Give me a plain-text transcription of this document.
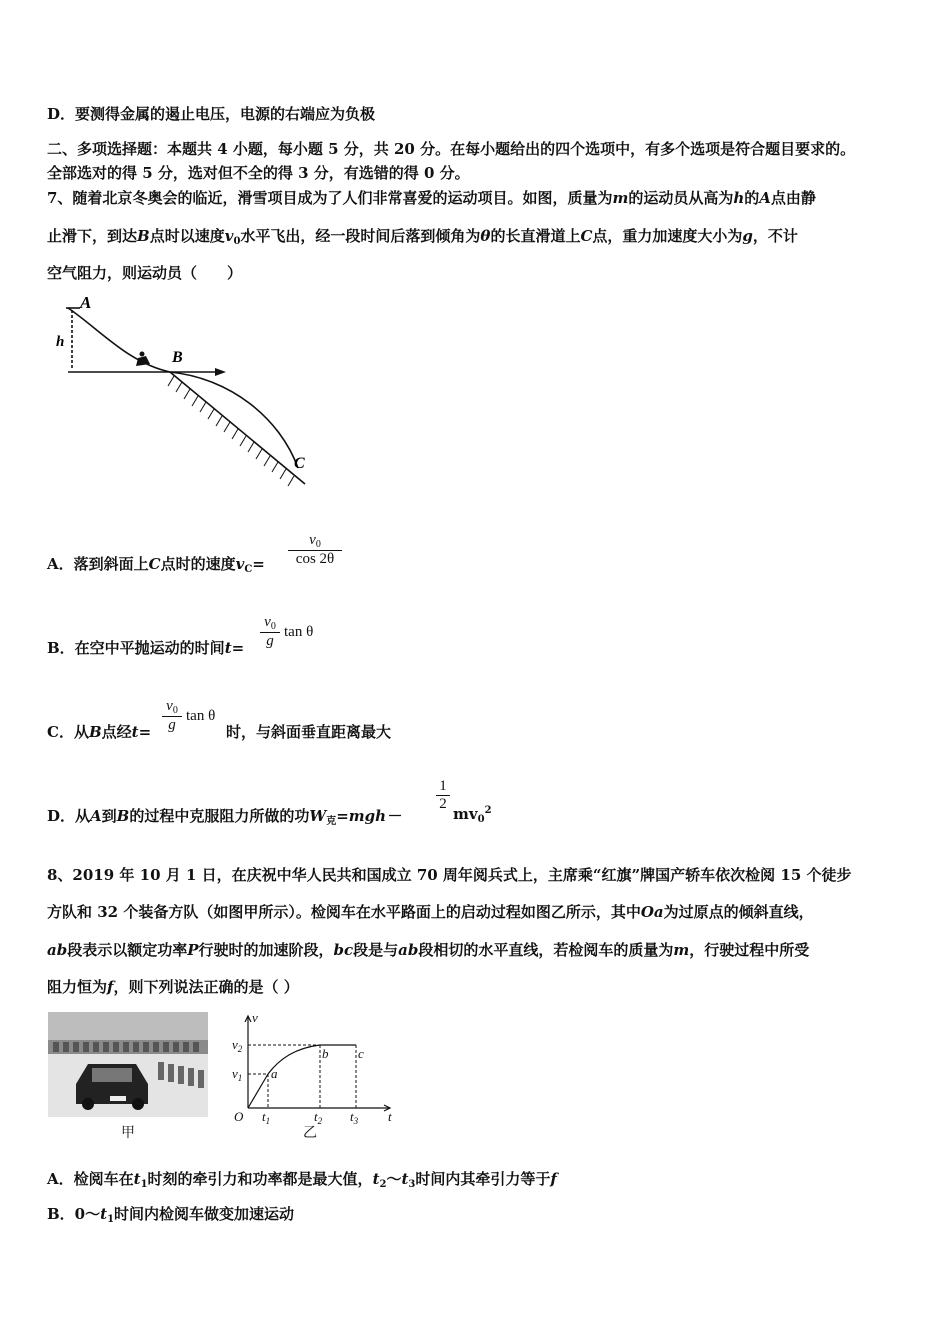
D．要测得金属的遏止电压，电源的右端应为负极
二、多项选择题：本题共 4 小题，每小题 5 分，共 20 分。在每小题给出的四个选项中，有多个选项是符合题目要求的。
全部选对的得 5 分，选对但不全的得 3 分，有选错的得 0 分。
7、随着北京冬奥会的临近，滑雪项目成为了人们非常喜爱的运动项目。如图，质量为m的运动员从高为h的A点由静
止滑下，到达B点时以速度$v_0$水平飞出，经一段时间后落到倾角为θ的长直滑道上C点，重力加速度大小为g，不计
空气阻力，则运动员（　　）
A
B
C
h
A．落到斜面上C点时的速度$v_C=$
$v_0$
cos 2θ
B．在空中平抛运动的时间t=
$v_0$
g
tan θ
C．从B点经t=
$v_0$
g
tan θ
时，与斜面垂直距离最大
D．从A到B的过程中克服阻力所做的功$W_克=mgh-$
1
2
$mv_0^2$
8、2019 年 10 月 1 日，在庆祝中华人民共和国成立 70 周年阅兵式上，主席乘“红旗”牌国产轿车依次检阅 15 个徒步
方队和 32 个装备方队（如图甲所示）。检阅车在水平路面上的启动过程如图乙所示，其中Oa为过原点的倾斜直线，
ab段表示以额定功率P行驶时的加速阶段，bc段是与ab段相切的水平直线，若检阅车的质量为m，行驶过程中所受
阻力恒为f，则下列说法正确的是（ ）
甲
v
$v_1$
$v_2$
O	t
$t_1$	$t_2$ $t_3$
a
b c
乙
A．检阅车在$t_1$时刻的牵引力和功率都是最大值，$t_2\sim t_3$时间内其牵引力等于f
B．$0\sim t_1$时间内检阅车做变加速运动
